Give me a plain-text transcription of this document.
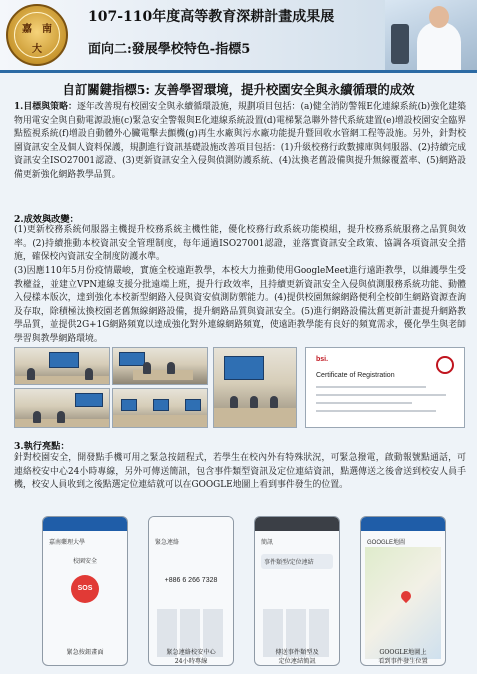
嘉 南
大
107-110年度高等教育深耕計畫成果展
面向二:發展學校特色-指標5
自訂關鍵指標5: 友善學習環境，提升校園安全與永續循環的成效
1.目標與策略：逐年改善現有校園安全與永續循環設施，規劃項目包括：(a)健全消防警報E化連線系統(b)強化建築物用電安全與自動電源設施(c)緊急安全警報與E化連線系統設置(d)電梯緊急聯外替代系統建置(e)增設校園安全臨界點監視系統(f)增設自動體外心臟電擊去顫機(g)再生水廠與污水廠功能提升暨回收水管網工程等設施。另外，針對校園資訊安全及個人資料保護，規劃進行資訊基礎設施改善項目包括：(1)升級校務行政數據庫與伺服器、(2)持續完成資訊安全ISO27001認證、(3)更新資訊安全入侵與偵測防護系統、(4)汰換老舊設備與提升無線覆蓋率、(5)網路設備更新強化網路教學品質。
2.成效與改變：
(1)更新校務系統伺服器主機提升校務系統主機性能，優化校務行政系統功能模組，提升校務系統服務之品質與效率。(2)持續推動本校資訊安全管理制度，每年通過ISO27001認證，並落實資訊安全政策、協調各項資訊安全措施，確保校內資訊安全制度防護水準。
(3)因應110年5月份疫情嚴峻，實施全校遠距教學，本校大力推動使用GoogleMeet進行遠距教學，以維護學生受教權益，並建立VPN連線支援分批遠端上班，提升行政效率，且持續更新資訊安全入侵與偵測服務系統功能、動體入侵樣本版次，達到強化本校新型網路入侵與資安偵測防禦能力。(4)提供校園無線網路便利全校師生網路資源查詢及存取，除積極汰換校園老舊無線網路設備，提升網路品質與資訊安全。(5)進行網路設備汰舊更新計畫提升網路教學品質，並提供2G+1G網路頻寬以達成強化對外連線網路頻寬，使遠距教學能有良好的頻寬需求，優化學生與老師學習與教學網路環境。
bsi.
Certificate of Registration
3.執行亮點：
針對校園安全，開發點手機可用之緊急按鈕程式，若學生在校內外有特殊狀況，可緊急撥電，啟動報號點通話，可連絡校安中心24小時專線，另外可傳送簡訊，包含事件類型資訊及定位連結資訊，點選傳送之後會送到校安人員手機，校安人員收到之後點選定位連結就可以在GOOGLE地圖上看到事件發生的位置。
嘉南藥理大學
校園安全
SOS
緊急連絡
+886 6 266 7328
簡訊
事件類型/定位連結
GOOGLE地圖
緊急按鈕畫面	緊急連絡校安中心
24小時專線
傳送事件類型及
定位連結簡訊
GOOGLE地圖上
看到事件發生位置
